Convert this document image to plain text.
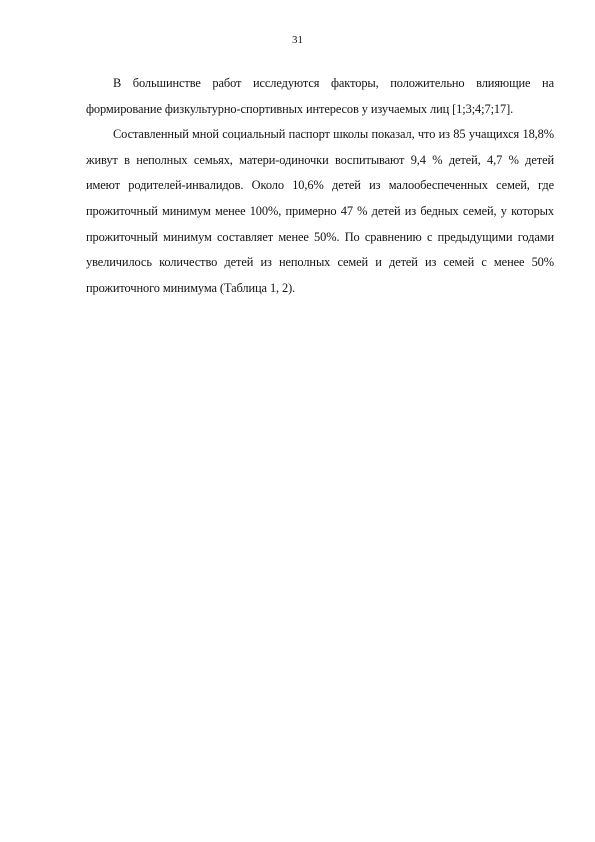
31

В большинстве работ исследуются факторы, положительно влияющие на формирование физкультурно-спортивных интересов у изучаемых лиц [1;3;4;7;17].

Составленный мной социальный паспорт школы показал, что из 85 учащихся 18,8% живут в неполных семьях, матери-одиночки воспитывают 9,4 % детей, 4,7 % детей имеют родителей-инвалидов. Около 10,6% детей из малообеспеченных семей, где прожиточный минимум менее 100%, примерно 47 % детей из бедных семей, у которых прожиточный минимум составляет менее 50%. По сравнению с предыдущими годами увеличилось количество детей из неполных семей и детей из семей с менее 50% прожиточного минимума (Таблица 1, 2).
